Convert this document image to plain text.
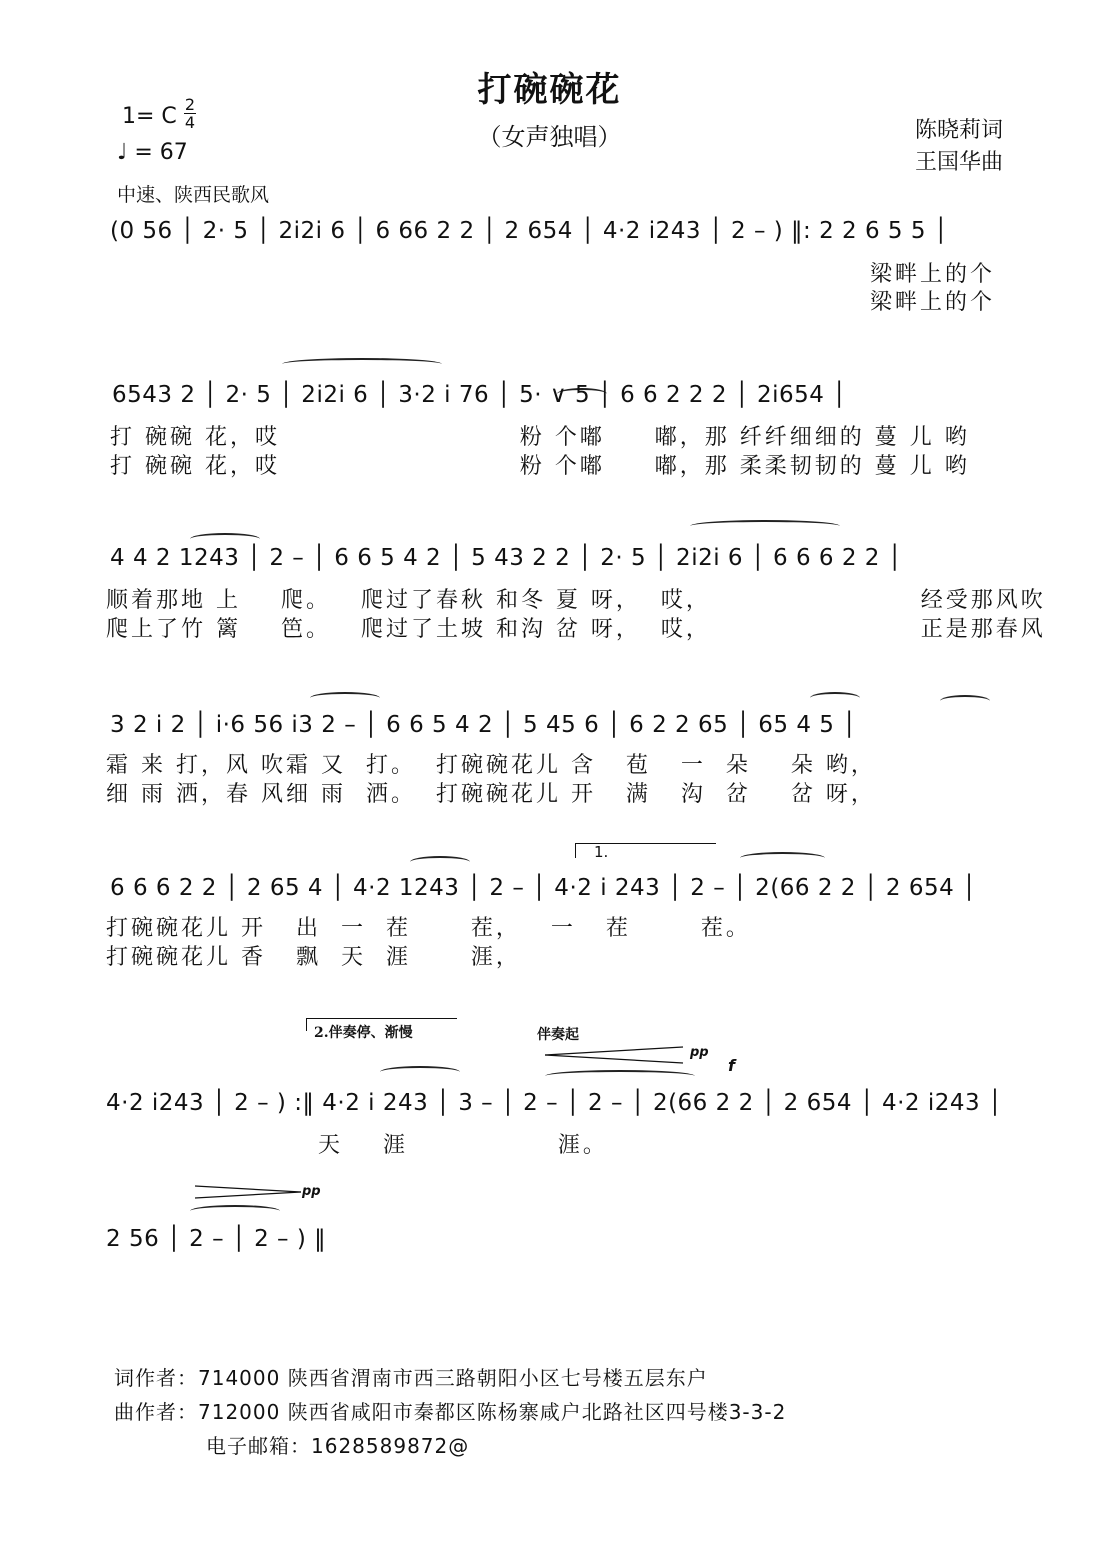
打碗碗花
（女声独唱）
1= C 2
4
♩ = 67
中速、陕西民歌风
陈晓莉词
王国华曲
(0 56 │ 2· 5 │ 2i2i 6 │ 6 66 2 2 │ 2 654 │ 4·2 i243 │ 2 – ) ‖: 2 2 6 5 5 │
梁畔上的个
梁畔上的个
6543 2 │ 2· 5 │ 2i2i 6 │ 3·2 i 76 │ 5· ∨ 5 │ 6 6 2 2 2 │ 2i654 │
打 碗碗 花，哎                        粉 个嘟     嘟，那 纤纤细细的 蔓 儿 哟
打 碗碗 花，哎                        粉 个嘟     嘟，那 柔柔韧韧的 蔓 儿 哟
4 4 2 1243 │ 2 – │ 6 6 5 4 2 │ 5 43 2 2 │ 2· 5 │ 2i2i 6 │ 6 6 6 2 2 │
顺着那地 上    爬。   爬过了春秋 和冬 夏 呀，  哎，                     经受那风吹
爬上了竹 篱    笆。   爬过了土坡 和沟 岔 呀，  哎，                     正是那春风
3 2 i 2 │ i·6 56 i3 2 – │ 6 6 5 4 2 │ 5 45 6 │ 6 2 2 65 │ 65 4 5 │
霜 来 打，风 吹霜 又  打。  打碗碗花儿 含   苞   一  朵    朵 哟，
细 雨 洒，春 风细 雨  洒。  打碗碗花儿 开   满   沟  岔    岔 呀，
1.
6 6 6 2 2 │ 2 65 4 │ 4·2 1243 │ 2 – │ 4·2 i 243 │ 2 – │ 2(66 2 2 │ 2 654 │
打碗碗花儿 开   出  一  茬      茬，   一   茬       茬。
打碗碗花儿 香   飘  天  涯      涯，
2.伴奏停、渐慢	伴奏起
pp
f
4·2 i243 │ 2 – ) :‖ 4·2 i 243 │ 3 – │ 2 – │ 2 – │ 2(66 2 2 │ 2 654 │ 4·2 i243 │
天    涯               涯。
pp
2 56 │ 2 – │ 2 – ) ‖
词作者：714000 陕西省渭南市西三路朝阳小区七号楼五层东户
曲作者：712000 陕西省咸阳市秦都区陈杨寨咸户北路社区四号楼3-3-2
电子邮箱：1628589872@
